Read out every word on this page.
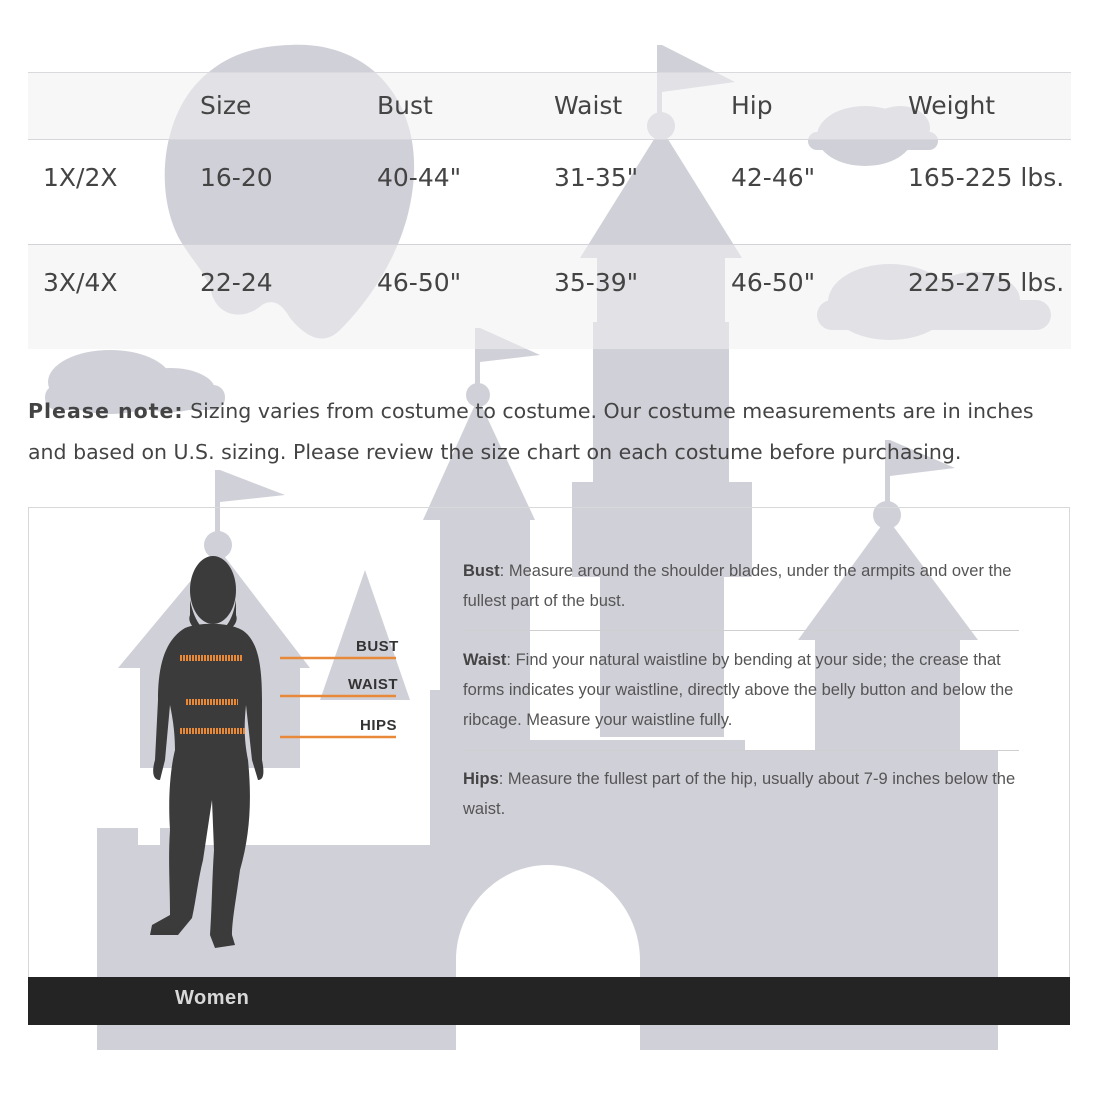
	Size	Bust	Waist	Hip	Weight
1X/2X	16-20	40-44"	31-35"	42-46"	165-225 lbs.
3X/4X	22-24	46-50"	35-39"	46-50"	225-275 lbs.
Please note: Sizing varies from costume to costume. Our costume measurements are in inches and based on U.S. sizing. Please review the size chart on each costume before purchasing.
BUST
WAIST
HIPS
Bust: Measure around the shoulder blades, under the armpits and over the fullest part of the bust.
Waist: Find your natural waistline by bending at your side; the crease that forms indicates your waistline, directly above the belly button and below the ribcage. Measure your waistline fully.
Hips: Measure the fullest part of the hip, usually about 7-9 inches below the waist.
Women
